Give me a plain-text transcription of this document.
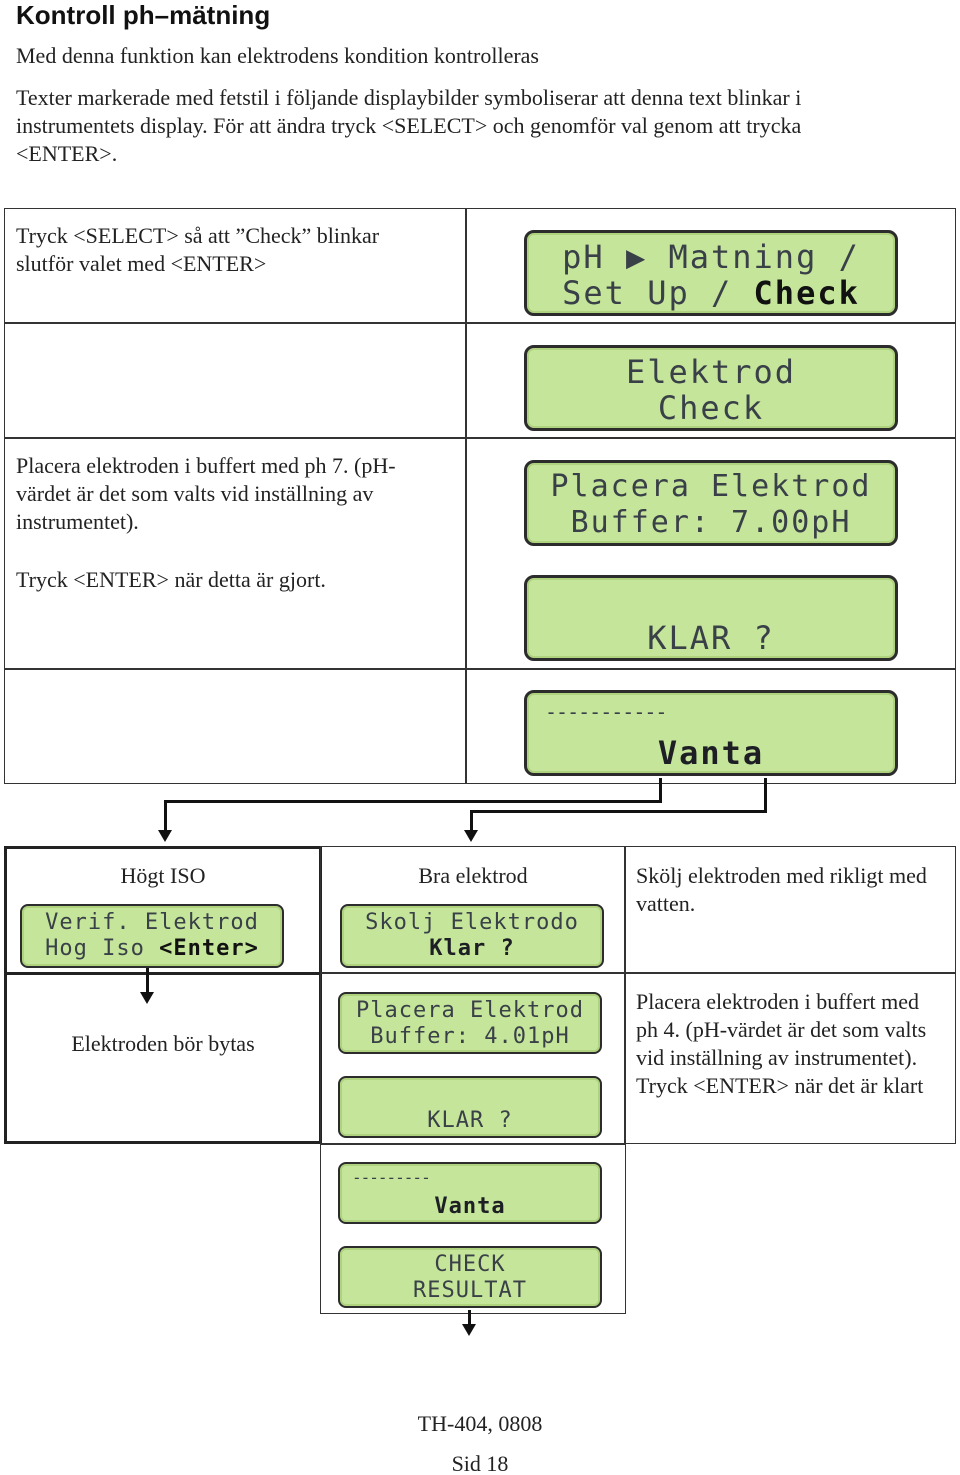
Kontroll ph–mätning
Med denna funktion kan elektrodens kondition kontrolleras
Texter markerade med fetstil i följande displaybilder symboliserar att denna text blinkar i
instrumentets display. För att ändra tryck <SELECT> och genomför val genom att trycka
<ENTER>.
Tryck <SELECT> så att ”Check” blinkar
slutför valet med <ENTER>
Placera elektroden i buffert med ph 7. (pH-
värdet är det som valts vid inställning av
instrumentet).
Tryck <ENTER> när detta är gjort.
pH ▶ Matning /
Set Up / Check
Elektrod
Check
Placera Elektrod
Buffer: 7.00pH
KLAR ?
-----------
Vanta
Högt ISO	Bra elektrod	Skölj elektroden med rikligt med vatten.
Verif. Elektrod
Hog Iso <Enter>
Skolj Elektrodo
Klar ?
Elektroden bör bytas
Placera Elektrod
Buffer: 4.01pH
KLAR ?
Placera elektroden i buffert med ph 4. (pH-värdet är det som valts vid inställning av instrumentet). Tryck <ENTER> när det är klart
---------
Vanta
CHECK
RESULTAT
TH-404, 0808
Sid 18
